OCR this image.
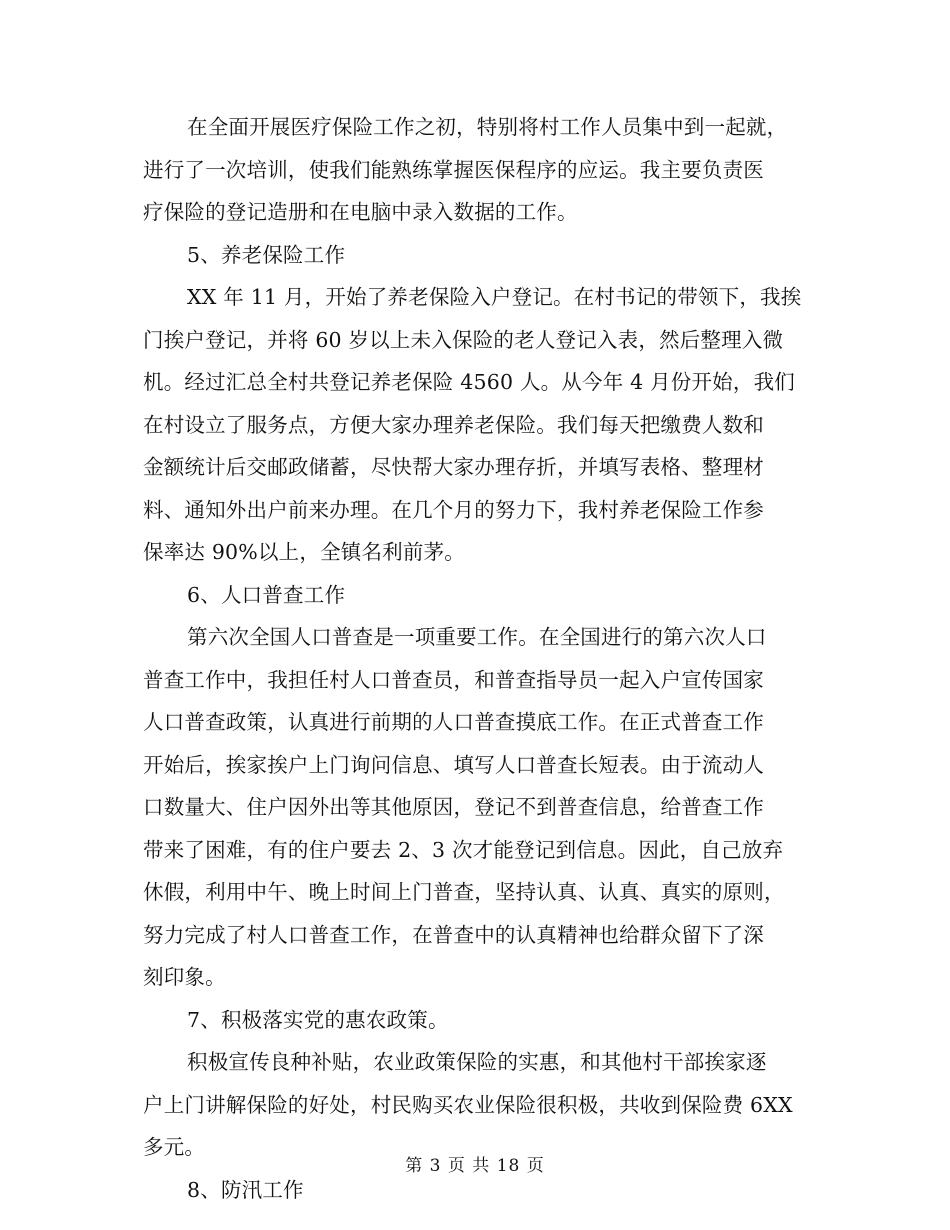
在全面开展医疗保险工作之初，特别将村工作人员集中到一起就，
进行了一次培训，使我们能熟练掌握医保程序的应运。我主要负责医
疗保险的登记造册和在电脑中录入数据的工作。
5、养老保险工作
XX 年 11 月，开始了养老保险入户登记。在村书记的带领下，我挨
门挨户登记，并将 60 岁以上未入保险的老人登记入表，然后整理入微
机。经过汇总全村共登记养老保险 4560 人。从今年 4 月份开始，我们
在村设立了服务点，方便大家办理养老保险。我们每天把缴费人数和
金额统计后交邮政储蓄，尽快帮大家办理存折，并填写表格、整理材
料、通知外出户前来办理。在几个月的努力下，我村养老保险工作参
保率达 90%以上，全镇名利前茅。
6、人口普查工作
第六次全国人口普查是一项重要工作。在全国进行的第六次人口
普查工作中，我担任村人口普查员，和普查指导员一起入户宣传国家
人口普查政策，认真进行前期的人口普查摸底工作。在正式普查工作
开始后，挨家挨户上门询问信息、填写人口普查长短表。由于流动人
口数量大、住户因外出等其他原因，登记不到普查信息，给普查工作
带来了困难，有的住户要去 2、3 次才能登记到信息。因此，自己放弃
休假，利用中午、晚上时间上门普查，坚持认真、认真、真实的原则，
努力完成了村人口普查工作，在普查中的认真精神也给群众留下了深
刻印象。
7、积极落实党的惠农政策。
积极宣传良种补贴，农业政策保险的实惠，和其他村干部挨家逐
户上门讲解保险的好处，村民购买农业保险很积极，共收到保险费 6XX
多元。
8、防汛工作
第 3 页 共 18 页
